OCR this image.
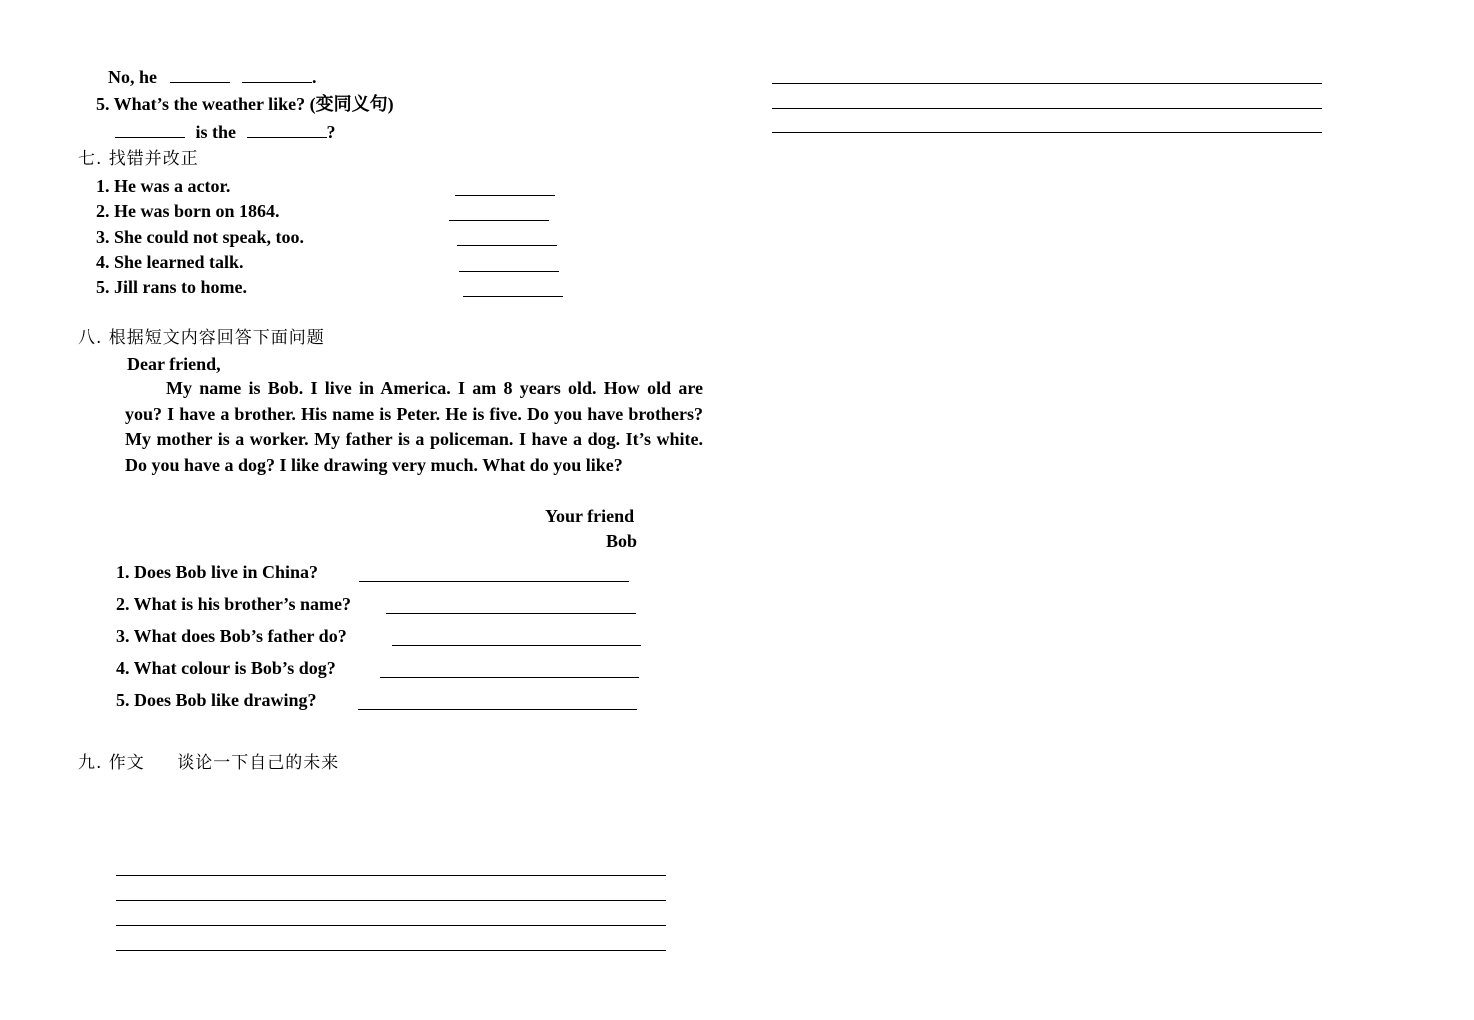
No, he	.
5. What’s the weather like? (变同义句)
is the	?
七. 找错并改正
1. He was a actor.
2. He was born on 1864.
3. She could not speak, too.
4. She learned talk.
5. Jill rans to home.
八. 根据短文内容回答下面问题
Dear friend,

My name is Bob. I live in America. I am 8 years old. How old are you? I have a brother. His name is Peter. He is five. Do you have brothers? My mother is a worker. My father is a policeman. I have a dog. It’s white. Do you have a dog? I like drawing very much. What do you like?

Your friend
Bob
1. Does Bob live in China?
2. What is his brother’s name?
3. What does Bob’s father do?
4. What colour is Bob’s dog?
5. Does Bob like drawing?
九. 作文 谈论一下自己的未来
